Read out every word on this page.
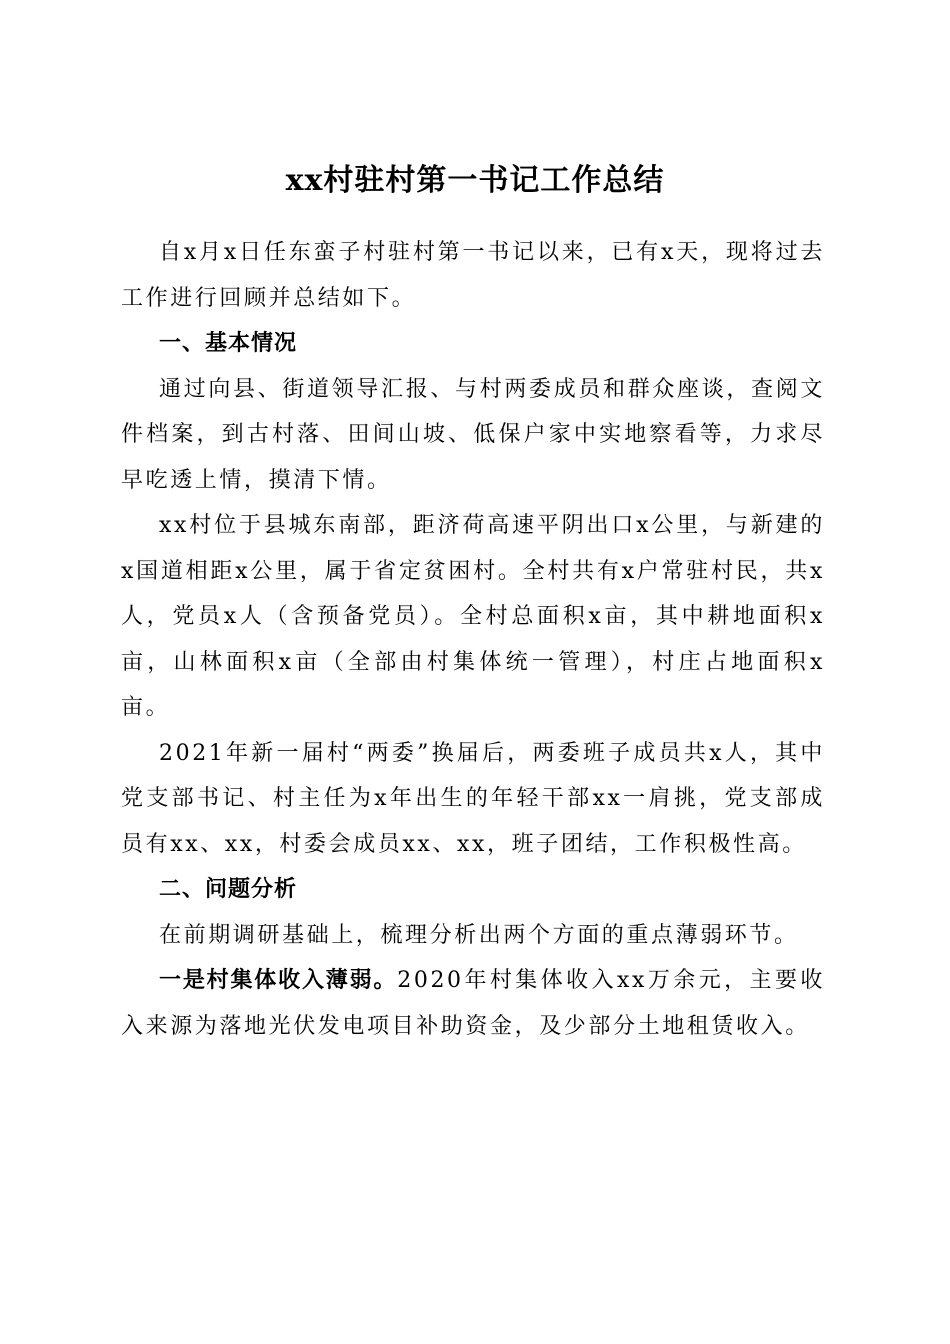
xx村驻村第一书记工作总结

自x月x日任东蛮子村驻村第一书记以来，已有x天，现将过去工作进行回顾并总结如下。

一、基本情况

通过向县、街道领导汇报、与村两委成员和群众座谈，查阅文件档案，到古村落、田间山坡、低保户家中实地察看等，力求尽早吃透上情，摸清下情。

xx村位于县城东南部，距济荷高速平阴出口x公里，与新建的x国道相距x公里，属于省定贫困村。全村共有x户常驻村民，共x人，党员x人（含预备党员）。全村总面积x亩，其中耕地面积x亩，山林面积x亩（全部由村集体统一管理），村庄占地面积x亩。

2021年新一届村“两委”换届后，两委班子成员共x人，其中党支部书记、村主任为x年出生的年轻干部xx一肩挑，党支部成员有xx、xx，村委会成员xx、xx，班子团结，工作积极性高。

二、问题分析

在前期调研基础上，梳理分析出两个方面的重点薄弱环节。

一是村集体收入薄弱。2020年村集体收入xx万余元，主要收入来源为落地光伏发电项目补助资金，及少部分土地租赁收入。
